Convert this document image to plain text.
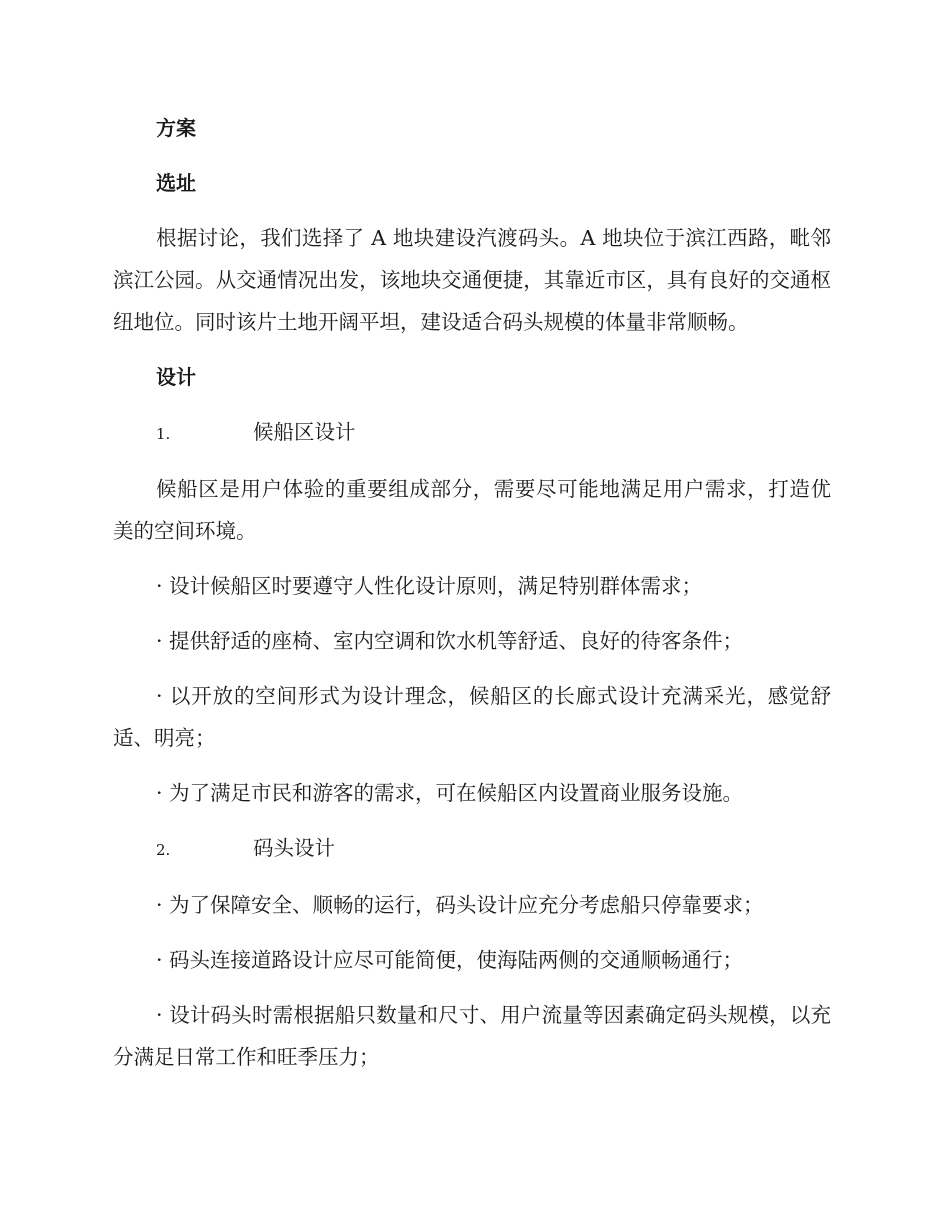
方案
选址

根据讨论，我们选择了 A 地块建设汽渡码头。A 地块位于滨江西路，毗邻滨江公园。从交通情况出发，该地块交通便捷，其靠近市区，具有良好的交通枢纽地位。同时该片土地开阔平坦，建设适合码头规模的体量非常顺畅。

设计
1.	候船区设计

候船区是用户体验的重要组成部分，需要尽可能地满足用户需求，打造优美的空间环境。

· 设计候船区时要遵守人性化设计原则，满足特别群体需求；

· 提供舒适的座椅、室内空调和饮水机等舒适、良好的待客条件；

· 以开放的空间形式为设计理念，候船区的长廊式设计充满采光，感觉舒适、明亮；

· 为了满足市民和游客的需求，可在候船区内设置商业服务设施。

2.	码头设计

· 为了保障安全、顺畅的运行，码头设计应充分考虑船只停靠要求；

· 码头连接道路设计应尽可能简便，使海陆两侧的交通顺畅通行；

· 设计码头时需根据船只数量和尺寸、用户流量等因素确定码头规模，以充分满足日常工作和旺季压力；
